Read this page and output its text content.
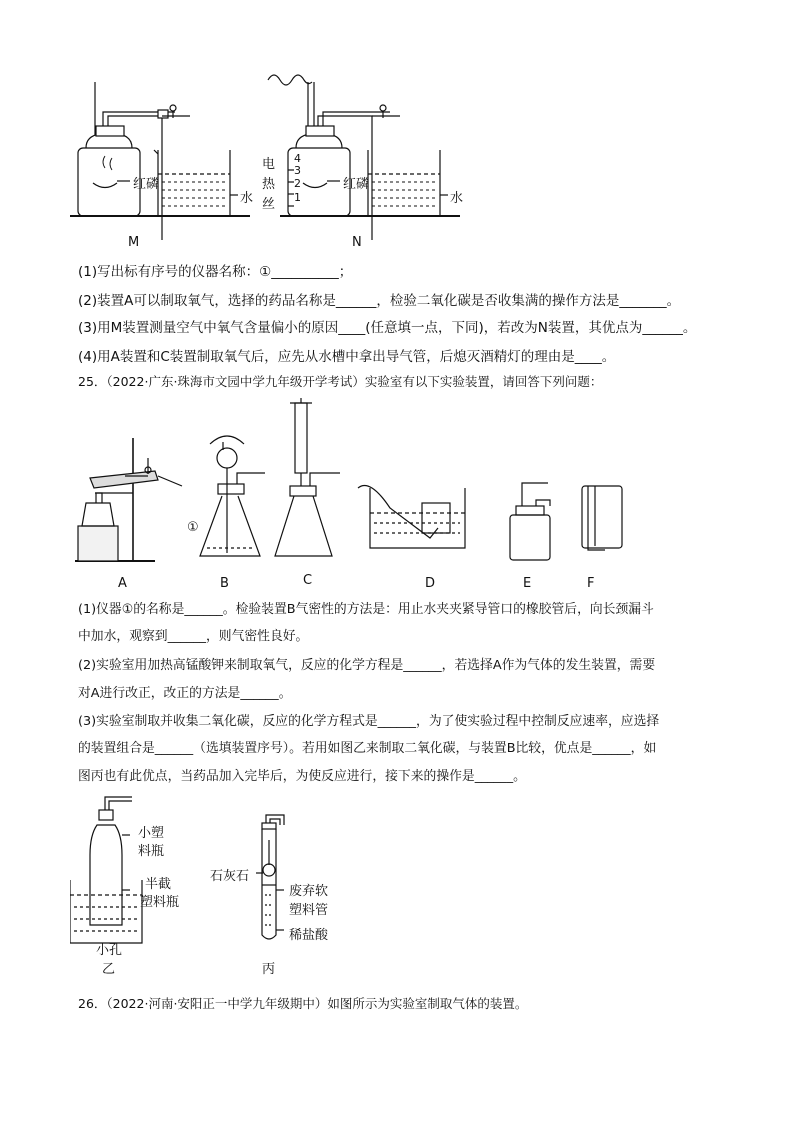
红磷
水
M
电热丝
4
3
2
1
红磷
水
N
(1)写出标有序号的仪器名称：①__________；
(2)装置A可以制取氧气，选择的药品名称是______，检验二氧化碳是否收集满的操作方法是_______。
(3)用M装置测量空气中氧气含量偏小的原因____(任意填一点，下同)，若改为N装置，其优点为______。
(4)用A装置和C装置制取氧气后，应先从水槽中拿出导气管，后熄灭酒精灯的理由是____。
25．（2022·广东·珠海市文园中学九年级开学考试）实验室有以下实验装置，请回答下列问题：
①
A	B	C	D	E	F
(1)仪器①的名称是______。检验装置B气密性的方法是：用止水夹夹紧导管口的橡胶管后，向长颈漏斗
中加水，观察到______，则气密性良好。
(2)实验室用加热高锰酸钾来制取氧气，反应的化学方程是______，若选择A作为气体的发生装置，需要
对A进行改正，改正的方法是______。
(3)实验室制取并收集二氧化碳，反应的化学方程式是______，为了使实验过程中控制反应速率，应选择
的装置组合是______（选填装置序号）。若用如图乙来制取二氧化碳，与装置B比较，优点是______，如
图丙也有此优点，当药品加入完毕后，为使反应进行，接下来的操作是______。
小塑
料瓶
半截
塑料瓶
小孔
乙
石灰石
废弃软
塑料管
稀盐酸
丙
26．（2022·河南·安阳正一中学九年级期中）如图所示为实验室制取气体的装置。
